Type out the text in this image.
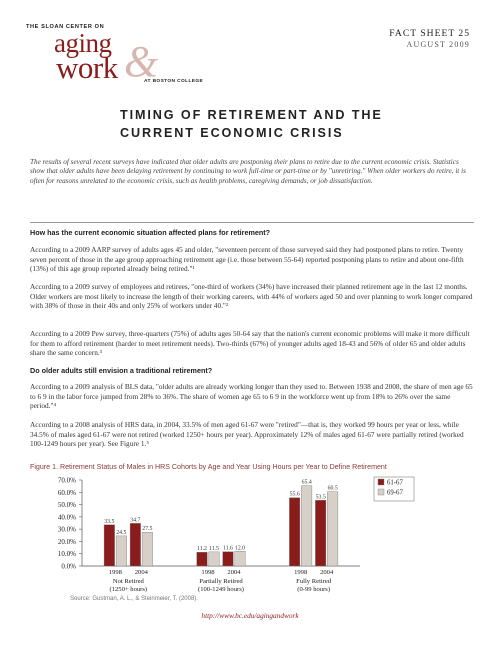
THE SLOAN CENTER ON
aging &
work	AT BOSTON COLLEGE
FACT SHEET 25
AUGUST 2009
TIMING OF RETIREMENT AND THE
CURRENT ECONOMIC CRISIS
The results of several recent surveys have indicated that older adults are postponing their plans to retire due to the current economic crisis. Statistics show that older adults have been delaying retirement by continuing to work full-time or part-time or by "unretiring." When older workers do retire, it is often for reasons unrelated to the economic crisis, such as health problems, caregiving demands, or job dissatisfaction.
How has the current economic situation affected plans for retirement?
According to a 2009 AARP survey of adults ages 45 and older, "seventeen percent of those surveyed said they had postponed plans to retire. Twenty seven percent of those in the age group approaching retirement age (i.e. those between 55-64) reported postponing plans to retire and about one-fifth (13%) of this age group reported already being retired."¹
According to a 2009 survey of employees and retirees, "one-third of workers (34%) have increased their planned retirement age in the last 12 months. Older workers are most likely to increase the length of their working careers, with 44% of workers aged 50 and over planning to work longer compared with 38% of those in their 40s and only 25% of workers under 40."²
According to a 2009 Pew survey, three-quarters (75%) of adults ages 50-64 say that the nation's current economic problems will make it more difficult for them to afford retirement (harder to meet retirement needs). Two-thirds (67%) of younger adults aged 18-43 and 56% of older 65 and older adults share the same concern.³
Do older adults still envision a traditional retirement?
According to a 2009 analysis of BLS data, "older adults are already working longer than they used to. Between 1938 and 2008, the share of men age 65 to 6 9 in the labor force jumped from 28% to 36%. The share of women age 65 to 6 9 in the workforce went up from 18% to 26% over the same period."⁴
According to a 2008 analysis of HRS data, in 2004, 33.5% of men aged 61-67 were "retired"—that is, they worked 99 hours per year or less, while 34.5% of males aged 61-67 were not retired (worked 1250+ hours per year). Approximately 12% of males aged 61-67 were partially retired (worked 100-1249 hours per year). See Figure 1.⁵
Figure 1. Retirement Status of Males in HRS Cohorts by Age and Year Using Hours per Year to Define Retirement
0.0%
10.0%
20.0%
30.0%
40.0%
50.0%
60.0%
70.0%
33.5
24.5
1998
34.7
27.5
2004
Not Retired
(1250+ hours)
11.2 11.5
1998
11.6 12.0
2004
Partially Retired
(100-1249 hours)
55.6
65.4
1998
53.5
60.5
2004
Fully Retired
(0-99 hours)
61-67
69-67
Source: Gustman, A. L., & Steinmeier, T. (2008).
http://www.bc.edu/agingandwork
